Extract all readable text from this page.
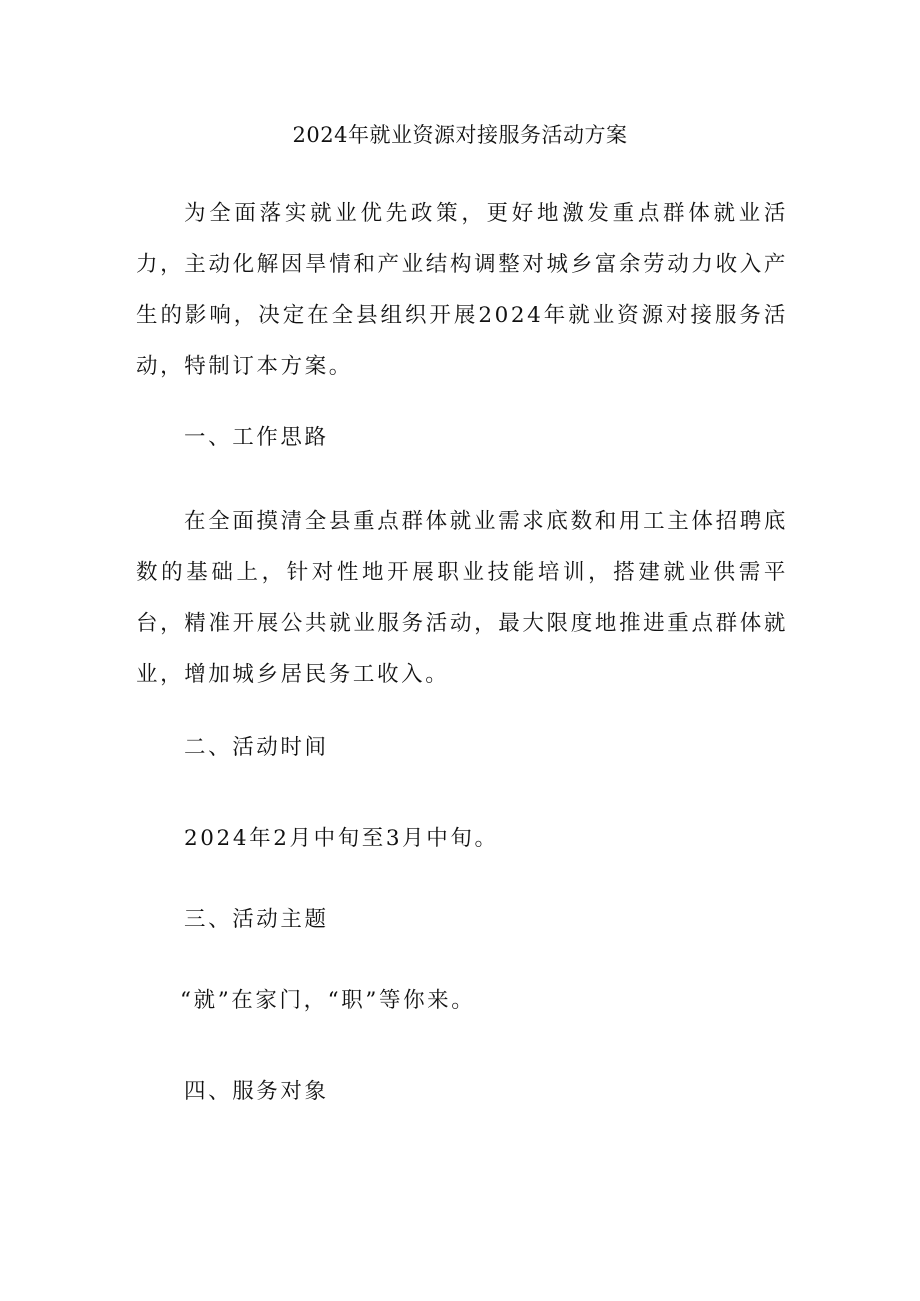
2024年就业资源对接服务活动方案

为全面落实就业优先政策，更好地激发重点群体就业活力，主动化解因旱情和产业结构调整对城乡富余劳动力收入产生的影响，决定在全县组织开展2024年就业资源对接服务活动，特制订本方案。

一、工作思路

在全面摸清全县重点群体就业需求底数和用工主体招聘底数的基础上，针对性地开展职业技能培训，搭建就业供需平台，精准开展公共就业服务活动，最大限度地推进重点群体就业，增加城乡居民务工收入。

二、活动时间

2024年2月中旬至3月中旬。

三、活动主题

“就”在家门，“职”等你来。

四、服务对象
